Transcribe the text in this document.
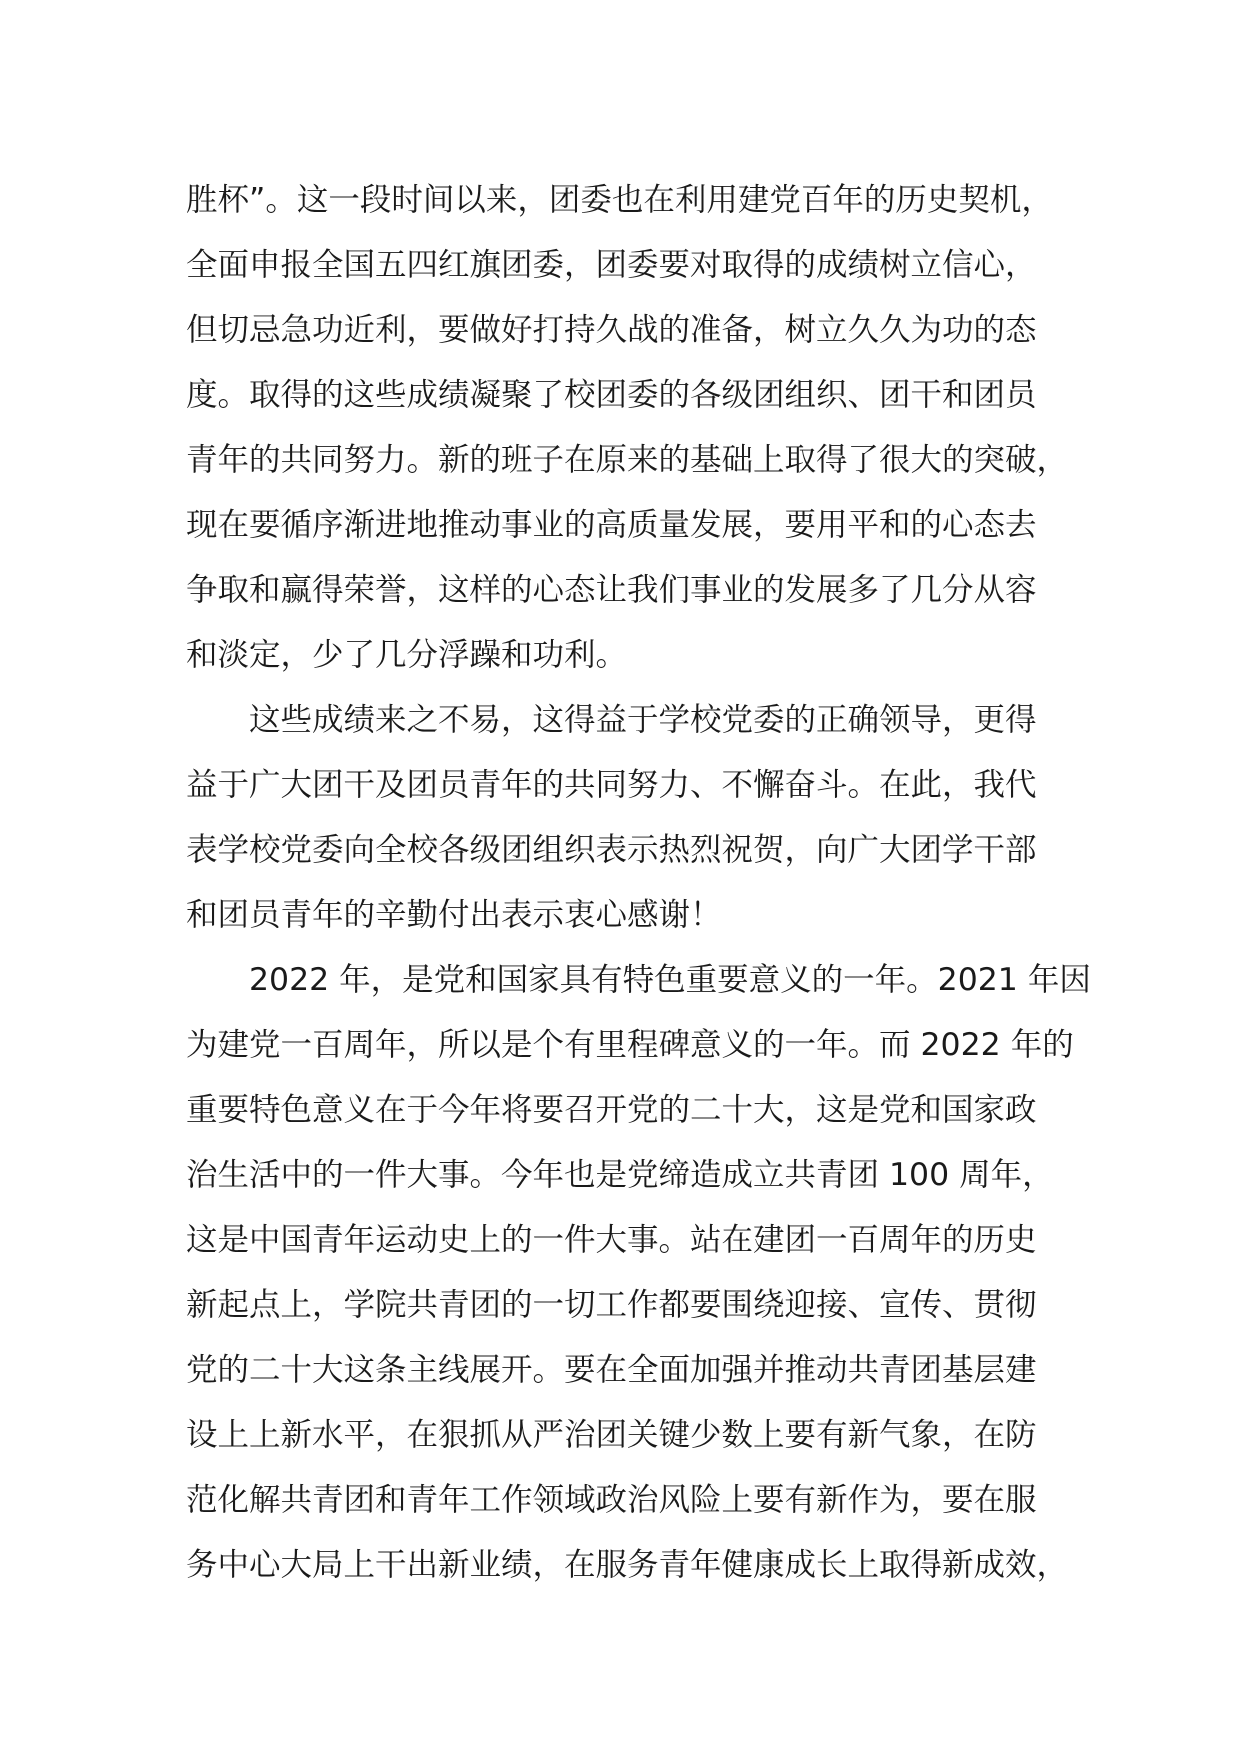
胜杯”。这一段时间以来，团委也在利用建党百年的历史契机，
全面申报全国五四红旗团委，团委要对取得的成绩树立信心，
但切忌急功近利，要做好打持久战的准备，树立久久为功的态
度。取得的这些成绩凝聚了校团委的各级团组织、团干和团员
青年的共同努力。新的班子在原来的基础上取得了很大的突破，
现在要循序渐进地推动事业的高质量发展，要用平和的心态去
争取和赢得荣誉，这样的心态让我们事业的发展多了几分从容
和淡定，少了几分浮躁和功利。
这些成绩来之不易，这得益于学校党委的正确领导，更得
益于广大团干及团员青年的共同努力、不懈奋斗。在此，我代
表学校党委向全校各级团组织表示热烈祝贺，向广大团学干部
和团员青年的辛勤付出表示衷心感谢！
2022 年，是党和国家具有特色重要意义的一年。2021 年因
为建党一百周年，所以是个有里程碑意义的一年。而 2022 年的
重要特色意义在于今年将要召开党的二十大，这是党和国家政
治生活中的一件大事。今年也是党缔造成立共青团 100 周年，
这是中国青年运动史上的一件大事。站在建团一百周年的历史
新起点上，学院共青团的一切工作都要围绕迎接、宣传、贯彻
党的二十大这条主线展开。要在全面加强并推动共青团基层建
设上上新水平，在狠抓从严治团关键少数上要有新气象，在防
范化解共青团和青年工作领域政治风险上要有新作为，要在服
务中心大局上干出新业绩，在服务青年健康成长上取得新成效，
